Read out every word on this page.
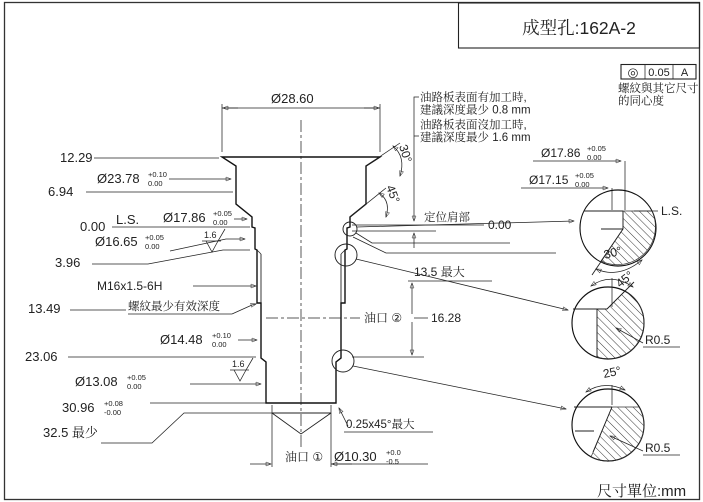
成型孔:162A-2
◎ 0.05 A
螺紋與其它尺寸
的同心度
油路板表面有加工時,
建議深度最少 0.8 mm
油路板表面沒加工時,
建議深度最少 1.6 mm
Ø28.60
30°
45°
12.29
Ø23.78 +0.10
0.00
6.94
0.00 L.S. Ø17.86 +0.05
0.00
Ø16.65 +0.05
0.00
1.6
3.96
M16x1.5-6H
13.49	螺紋最少有效深度
Ø14.48 +0.10
0.00
23.06
Ø13.08 +0.05
0.00
1.6
30.96 +0.08
-0.00
32.5 最少
定位肩部 0.00
13.5 最大
油口 ② 16.28
0.25x45°最大
油口 ① Ø10.30 +0.0
-0.5
Ø17.86 +0.05
0.00
Ø17.15 +0.05
0.00
L.S.
30°
45°
R0.5
25°
R0.5
尺寸單位:mm
